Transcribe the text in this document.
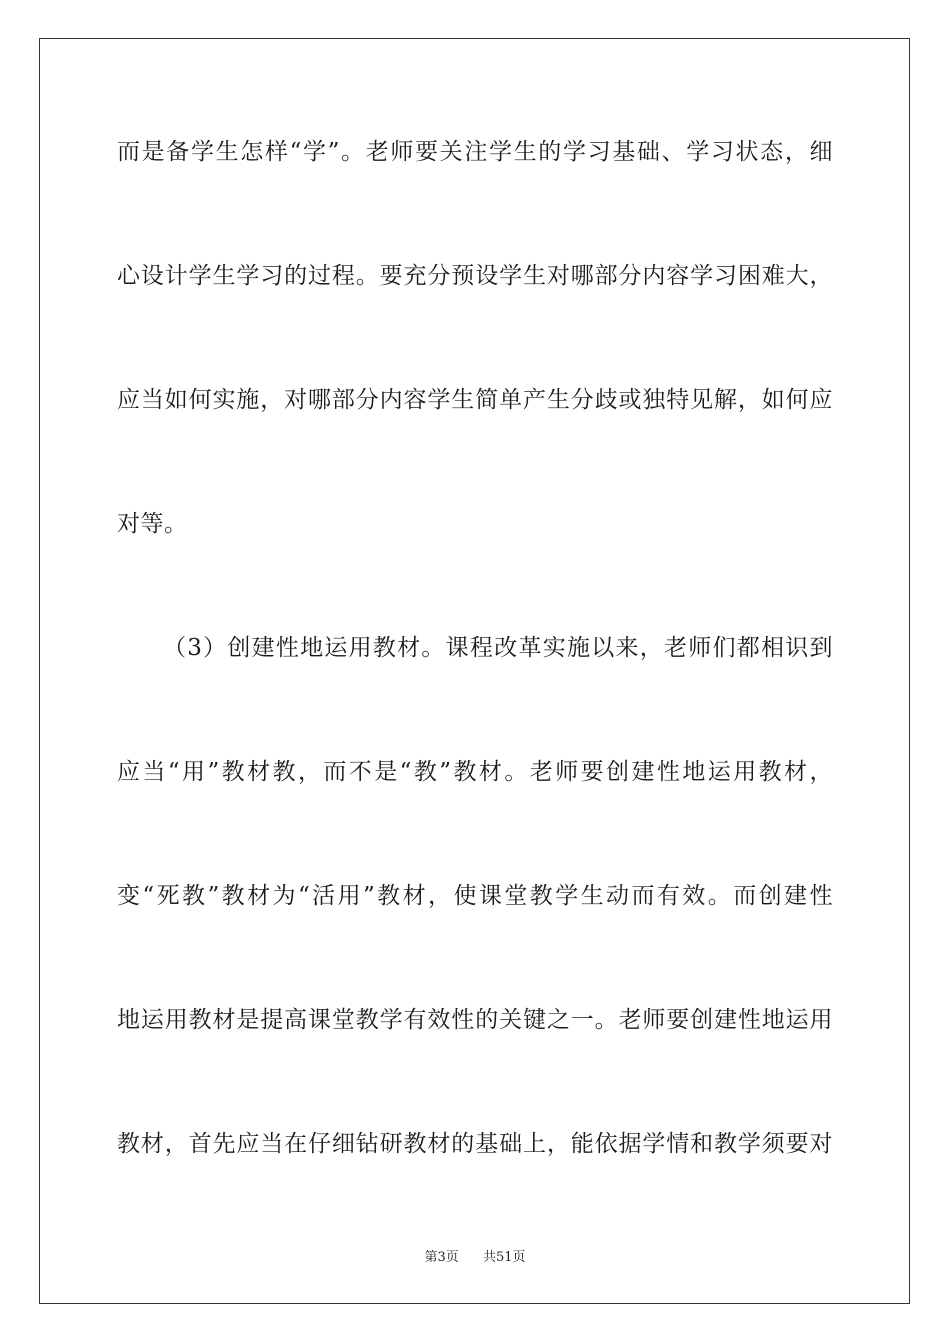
而是备学生怎样“学”。老师要关注学生的学习基础、学习状态，细
心设计学生学习的过程。要充分预设学生对哪部分内容学习困难大，
应当如何实施，对哪部分内容学生简单产生分歧或独特见解，如何应
对等。
（3）创建性地运用教材。课程改革实施以来，老师们都相识到
应当“用”教材教，而不是“教”教材。老师要创建性地运用教材，
变“死教”教材为“活用”教材，使课堂教学生动而有效。而创建性
地运用教材是提高课堂教学有效性的关键之一。老师要创建性地运用
教材，首先应当在仔细钻研教材的基础上，能依据学情和教学须要对
第3页 共51页
